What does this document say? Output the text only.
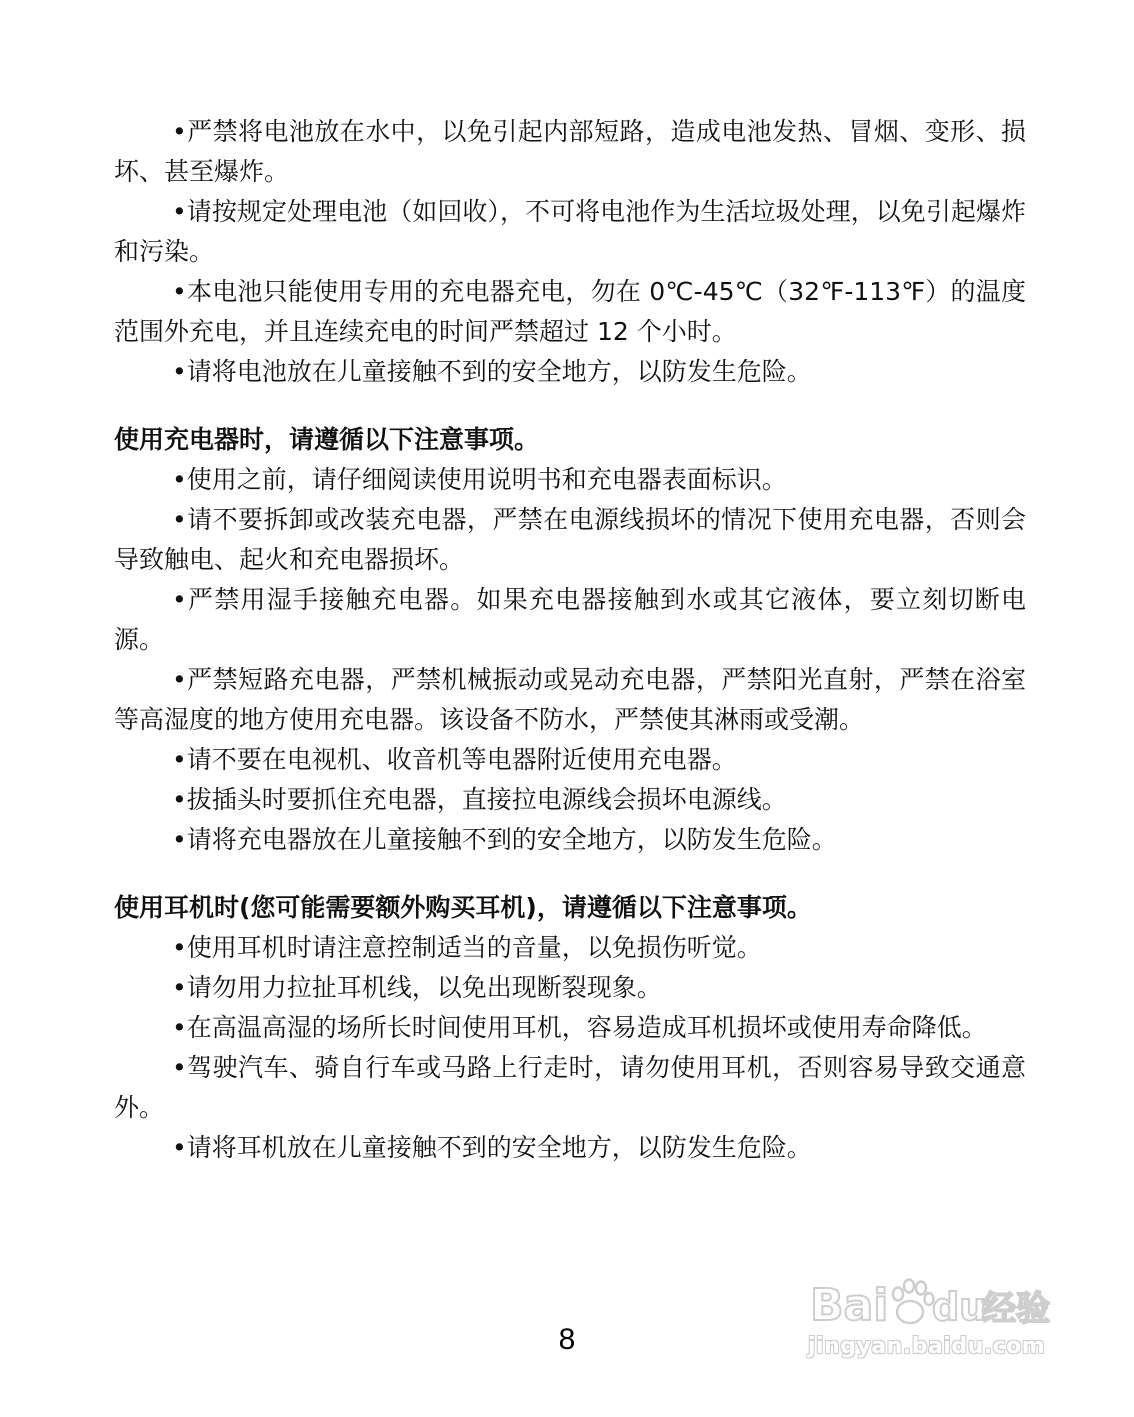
•严禁将电池放在水中，以免引起内部短路，造成电池发热、冒烟、变形、损坏、甚至爆炸。

•请按规定处理电池（如回收），不可将电池作为生活垃圾处理，以免引起爆炸和污染。

•本电池只能使用专用的充电器充电，勿在 0℃-45℃（32℉-113℉）的温度范围外充电，并且连续充电的时间严禁超过 12 个小时。

•请将电池放在儿童接触不到的安全地方，以防发生危险。

使用充电器时，请遵循以下注意事项。

•使用之前，请仔细阅读使用说明书和充电器表面标识。

•请不要拆卸或改装充电器，严禁在电源线损坏的情况下使用充电器，否则会导致触电、起火和充电器损坏。

•严禁用湿手接触充电器。如果充电器接触到水或其它液体，要立刻切断电源。

•严禁短路充电器，严禁机械振动或晃动充电器，严禁阳光直射，严禁在浴室等高湿度的地方使用充电器。该设备不防水，严禁使其淋雨或受潮。

•请不要在电视机、收音机等电器附近使用充电器。

•拔插头时要抓住充电器，直接拉电源线会损坏电源线。

•请将充电器放在儿童接触不到的安全地方，以防发生危险。

使用耳机时(您可能需要额外购买耳机)，请遵循以下注意事项。

•使用耳机时请注意控制适当的音量，以免损伤听觉。

•请勿用力拉扯耳机线，以免出现断裂现象。

•在高温高湿的场所长时间使用耳机，容易造成耳机损坏或使用寿命降低。

•驾驶汽车、骑自行车或马路上行走时，请勿使用耳机，否则容易导致交通意外。

•请将耳机放在儿童接触不到的安全地方，以防发生危险。

8
Bai du
经验
jingyan.baidu.com
